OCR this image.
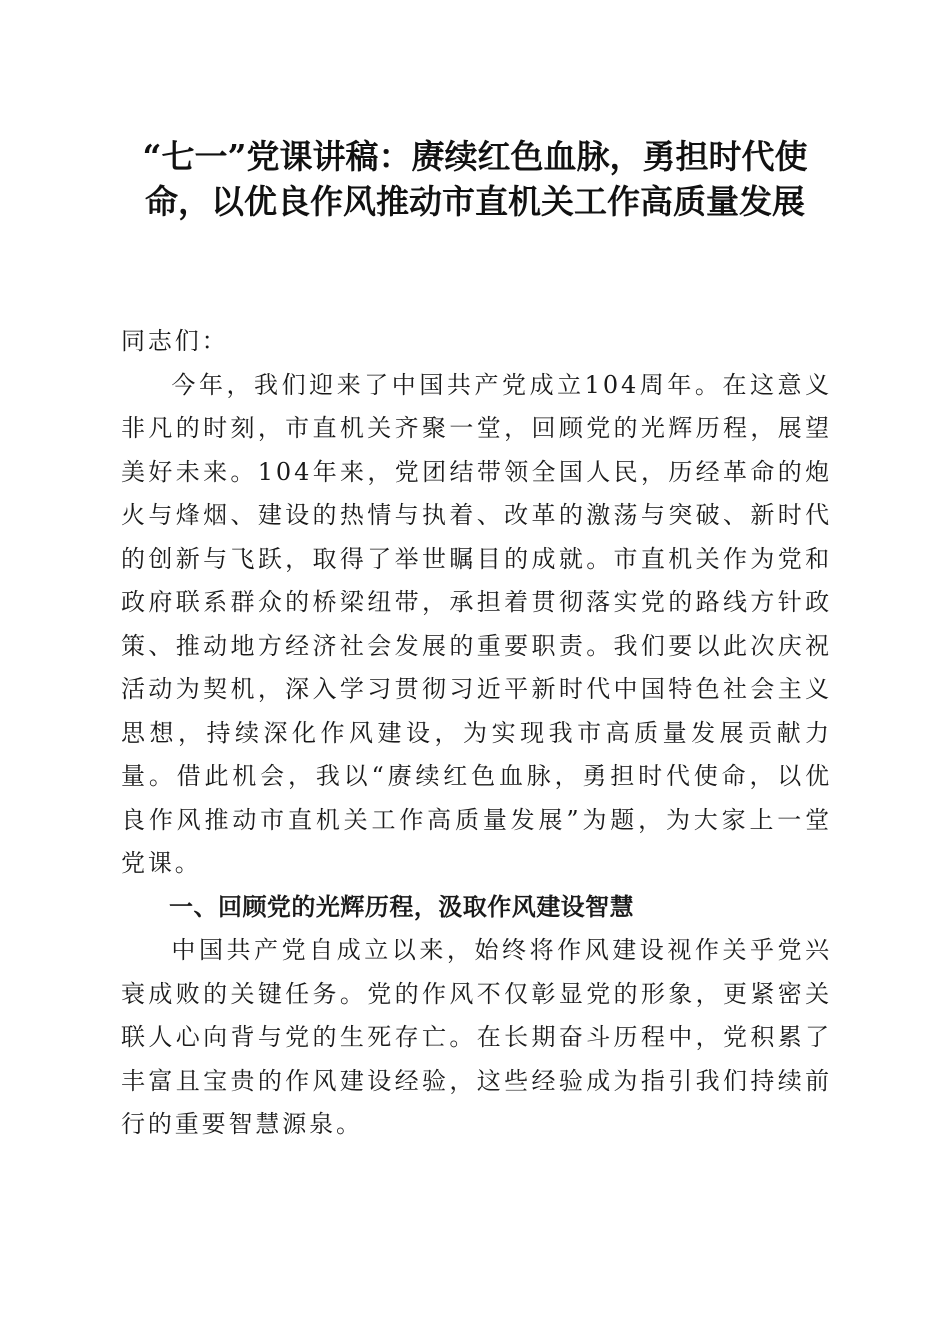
“七一”党课讲稿：赓续红色血脉，勇担时代使命，以优良作风推动市直机关工作高质量发展

同志们：

今年，我们迎来了中国共产党成立104周年。在这意义非凡的时刻，市直机关齐聚一堂，回顾党的光辉历程，展望美好未来。104年来，党团结带领全国人民，历经革命的炮火与烽烟、建设的热情与执着、改革的激荡与突破、新时代的创新与飞跃，取得了举世瞩目的成就。市直机关作为党和政府联系群众的桥梁纽带，承担着贯彻落实党的路线方针政策、推动地方经济社会发展的重要职责。我们要以此次庆祝活动为契机，深入学习贯彻习近平新时代中国特色社会主义思想，持续深化作风建设，为实现我市高质量发展贡献力量。借此机会，我以“赓续红色血脉，勇担时代使命，以优良作风推动市直机关工作高质量发展”为题，为大家上一堂党课。

一、回顾党的光辉历程，汲取作风建设智慧

中国共产党自成立以来，始终将作风建设视作关乎党兴衰成败的关键任务。党的作风不仅彰显党的形象，更紧密关联人心向背与党的生死存亡。在长期奋斗历程中，党积累了丰富且宝贵的作风建设经验，这些经验成为指引我们持续前行的重要智慧源泉。
